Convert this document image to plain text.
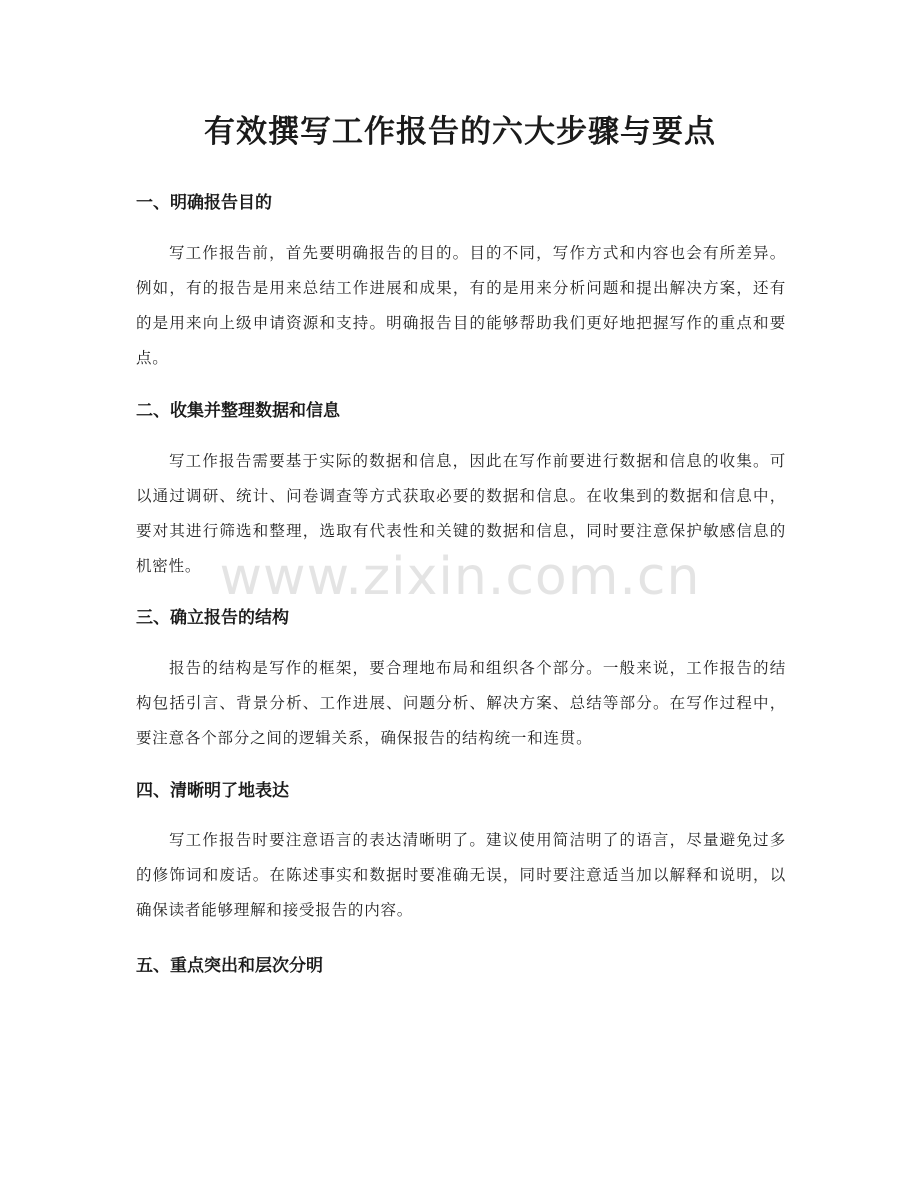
有效撰写工作报告的六大步骤与要点
一、明确报告目的

写工作报告前，首先要明确报告的目的。目的不同，写作方式和内容也会有所差异。例如，有的报告是用来总结工作进展和成果，有的是用来分析问题和提出解决方案，还有的是用来向上级申请资源和支持。明确报告目的能够帮助我们更好地把握写作的重点和要点。

二、收集并整理数据和信息

写工作报告需要基于实际的数据和信息，因此在写作前要进行数据和信息的收集。可以通过调研、统计、问卷调查等方式获取必要的数据和信息。在收集到的数据和信息中，要对其进行筛选和整理，选取有代表性和关键的数据和信息，同时要注意保护敏感信息的机密性。

三、确立报告的结构

报告的结构是写作的框架，要合理地布局和组织各个部分。一般来说，工作报告的结构包括引言、背景分析、工作进展、问题分析、解决方案、总结等部分。在写作过程中，要注意各个部分之间的逻辑关系，确保报告的结构统一和连贯。

四、清晰明了地表达

写工作报告时要注意语言的表达清晰明了。建议使用简洁明了的语言，尽量避免过多的修饰词和废话。在陈述事实和数据时要准确无误，同时要注意适当加以解释和说明，以确保读者能够理解和接受报告的内容。

五、重点突出和层次分明
www.zixin.com.cn
